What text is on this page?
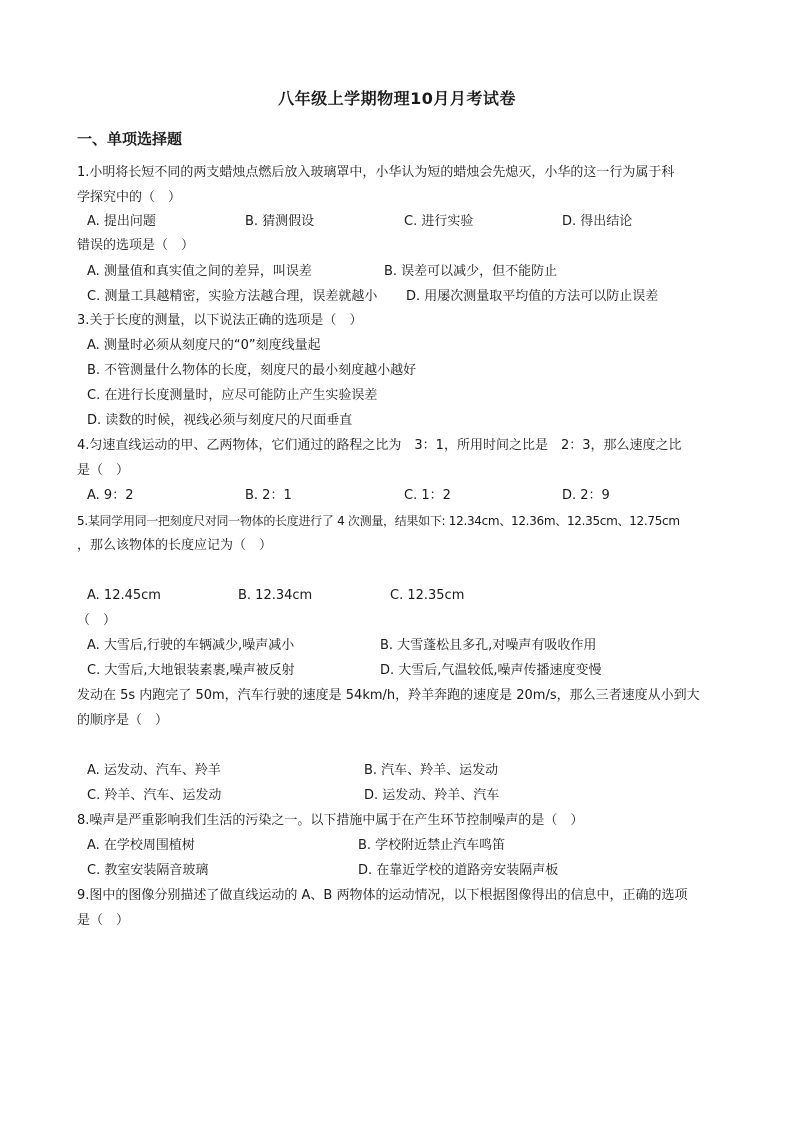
八年级上学期物理10月月考试卷
一、单项选择题
1.小明将长短不同的两支蜡烛点燃后放入玻璃罩中，小华认为短的蜡烛会先熄灭，小华的这一行为属于科
学探究中的（　）
A. 提出问题	B. 猜测假设	C. 进行实验	D. 得出结论
错误的选项是（　）
A. 测量值和真实值之间的差异，叫误差	B. 误差可以减少，但不能防止
C. 测量工具越精密，实验方法越合理，误差就越小 D. 用屡次测量取平均值的方法可以防止误差
3.关于长度的测量，以下说法正确的选项是（　）
A. 测量时必须从刻度尺的“0”刻度线量起
B. 不管测量什么物体的长度，刻度尺的最小刻度越小越好
C. 在进行长度测量时，应尽可能防止产生实验误差
D. 读数的时候，视线必须与刻度尺的尺面垂直
4.匀速直线运动的甲、乙两物体，它们通过的路程之比为　3：1，所用时间之比是　2：3，那么速度之比
是（　）
A. 9：2	B. 2：1	C. 1：2	D. 2：9
5.某同学用同一把刻度尺对同一物体的长度进行了 4 次测量，结果如下: 12.34cm、12.36m、12.35cm、12.75cm
，那么该物体的长度应记为（　）
A. 12.45cm	B. 12.34cm	C. 12.35cm
（　）
A. 大雪后,行驶的车辆减少,噪声减小	B. 大雪蓬松且多孔,对噪声有吸收作用
C. 大雪后,大地银装素裹,噪声被反射	D. 大雪后,气温较低,噪声传播速度变慢
发动在 5s 内跑完了 50m，汽车行驶的速度是 54km/h，羚羊奔跑的速度是 20m/s，那么三者速度从小到大
的顺序是（　）
A. 运发动、汽车、羚羊	B. 汽车、羚羊、运发动
C. 羚羊、汽车、运发动	D. 运发动、羚羊、汽车
8.噪声是严重影响我们生活的污染之一。以下措施中属于在产生环节控制噪声的是（　）
A. 在学校周围植树	B. 学校附近禁止汽车鸣笛
C. 教室安装隔音玻璃	D. 在靠近学校的道路旁安装隔声板
9.图中的图像分别描述了做直线运动的 A、B 两物体的运动情况，以下根据图像得出的信息中，正确的选项
是（　）
